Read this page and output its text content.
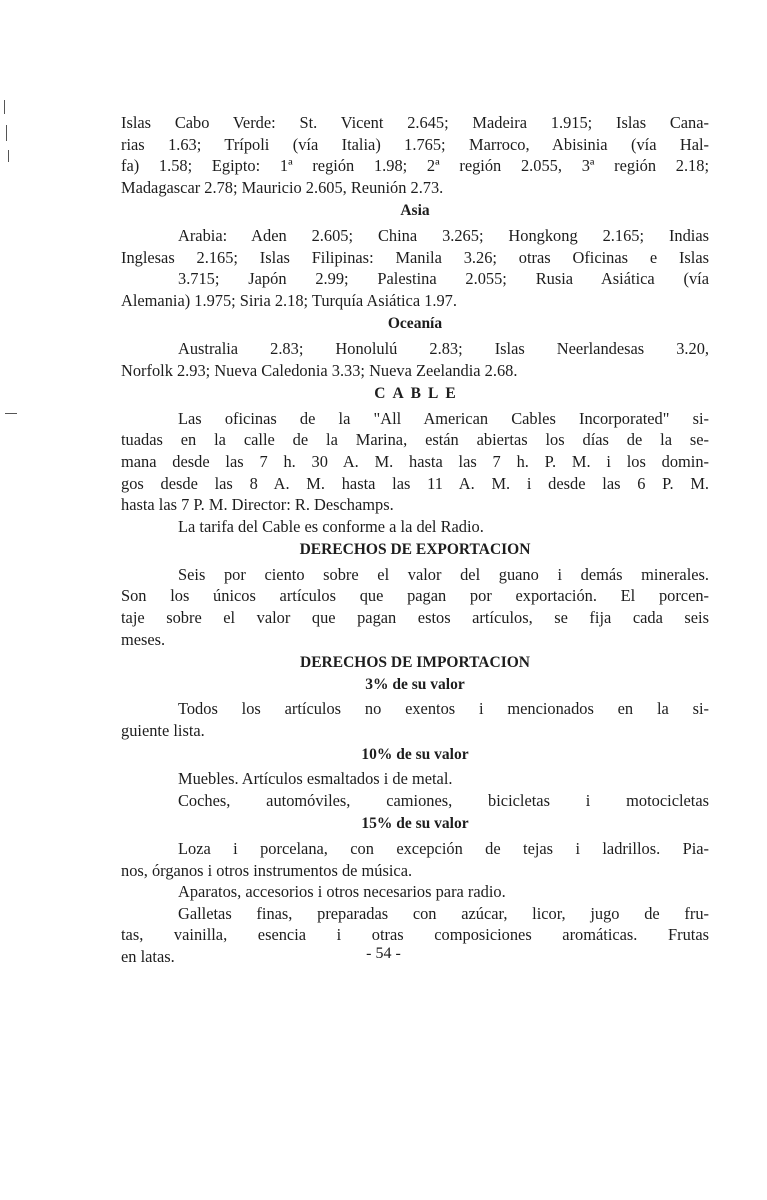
Islas Cabo Verde: St. Vicent 2.645; Madeira 1.915; Islas Cana-
rias 1.63; Trípoli (vía Italia) 1.765; Marroco, Abisinia (vía Hal-
fa) 1.58; Egipto: 1ª región 1.98; 2ª región 2.055, 3ª región 2.18;
Madagascar 2.78; Mauricio 2.605, Reunión 2.73.
Asia
Arabia: Aden 2.605; China 3.265; Hongkong 2.165; Indias
Inglesas 2.165; Islas Filipinas: Manila 3.26; otras Oficinas e Islas
3.715; Japón 2.99; Palestina 2.055; Rusia Asiática (vía
Alemania) 1.975; Siria 2.18; Turquía Asiática 1.97.
Oceanía
Australia 2.83; Honolulú 2.83; Islas Neerlandesas 3.20,
Norfolk 2.93; Nueva Caledonia 3.33; Nueva Zeelandia 2.68.
CABLE
Las oficinas de la "All American Cables Incorporated" si-
tuadas en la calle de la Marina, están abiertas los días de la se-
mana desde las 7 h. 30 A. M. hasta las 7 h. P. M. i los domin-
gos desde las 8 A. M. hasta las 11 A. M. i desde las 6 P. M.
hasta las 7 P. M. Director: R. Deschamps.
La tarifa del Cable es conforme a la del Radio.
DERECHOS DE EXPORTACION
Seis por ciento sobre el valor del guano i demás minerales.
Son los únicos artículos que pagan por exportación. El porcen-
taje sobre el valor que pagan estos artículos, se fija cada seis
meses.
DERECHOS DE IMPORTACION
3% de su valor
Todos los artículos no exentos i mencionados en la si-
guiente lista.
10% de su valor
Muebles. Artículos esmaltados i de metal.
Coches, automóviles, camiones, bicicletas i motocicletas
15% de su valor
Loza i porcelana, con excepción de tejas i ladrillos. Pia-
nos, órganos i otros instrumentos de música.
Aparatos, accesorios i otros necesarios para radio.
Galletas finas, preparadas con azúcar, licor, jugo de fru-
tas, vainilla, esencia i otras composiciones aromáticas. Frutas
en latas.	- 54 -
